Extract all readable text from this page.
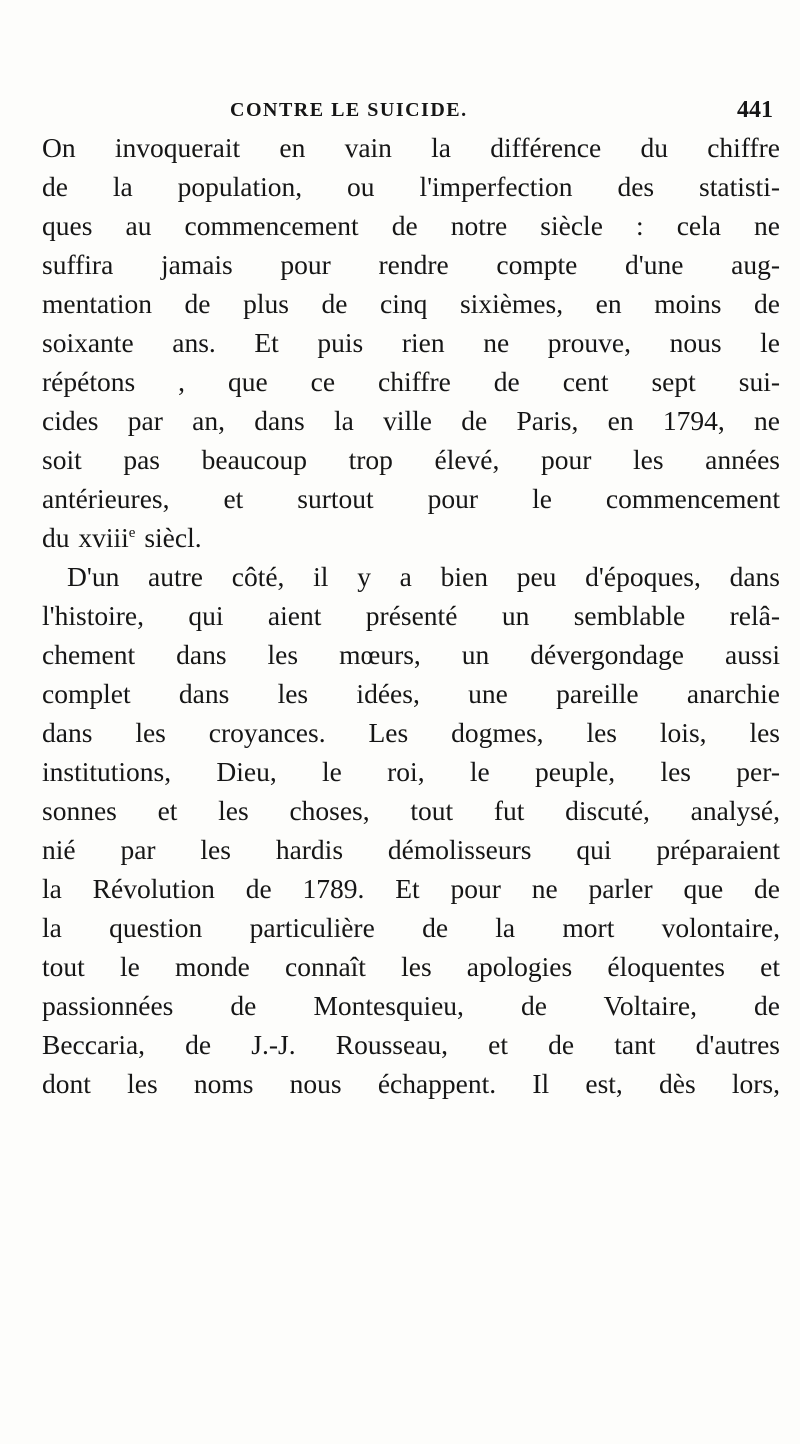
CONTRE LE SUICIDE.	441
On invoquerait en vain la différence du chiffre
de la population, ou l'imperfection des statisti-
ques au commencement de notre siècle : cela ne
suffira jamais pour rendre compte d'une aug-
mentation de plus de cinq sixièmes, en moins de
soixante ans. Et puis rien ne prouve, nous le
répétons , que ce chiffre de cent sept sui-
cides par an, dans la ville de Paris, en 1794, ne
soit pas beaucoup trop élevé, pour les années
antérieures, et surtout pour le commencement
du xviii$^e$ siècl.
D'un autre côté, il y a bien peu d'époques, dans
l'histoire, qui aient présenté un semblable relâ-
chement dans les mœurs, un dévergondage aussi
complet dans les idées, une pareille anarchie
dans les croyances. Les dogmes, les lois, les
institutions, Dieu, le roi, le peuple, les per-
sonnes et les choses, tout fut discuté, analysé,
nié par les hardis démolisseurs qui préparaient
la Révolution de 1789. Et pour ne parler que de
la question particulière de la mort volontaire,
tout le monde connaît les apologies éloquentes et
passionnées de Montesquieu, de Voltaire, de
Beccaria, de J.-J. Rousseau, et de tant d'autres
dont les noms nous échappent. Il est, dès lors,
